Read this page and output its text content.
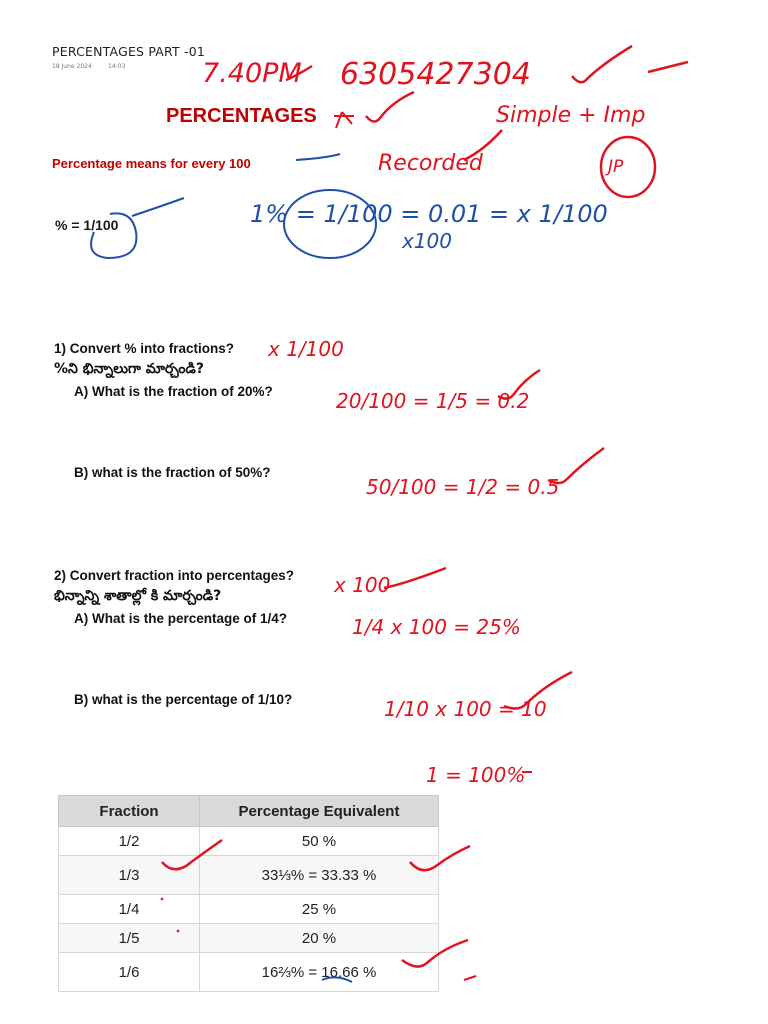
PERCENTAGES PART -01
18 June 2024	14:03
PERCENTAGES
Percentage means for every 100
% = 1/100
1) Convert % into fractions?
%ని భిన్నాలుగా మార్చండి?
A) What is the fraction of 20%?
B) what is the fraction of 50%?
2) Convert fraction into percentages?
భిన్నాన్ని శాతాల్లో కి మార్చండి?
A) What is the percentage of 1/4?
B) what is the percentage of 1/10?
Fraction	Percentage Equivalent
1/2	50 %
1/3	33⅓% = 33.33 %
1/4	25 %
1/5	20 %
1/6	16⅔% = 16.66 %
7.40PM 6305427304
Simple + Imp
Recorded	JP
1% = 1/100 = 0.01 = x 1/100
x100
x 1/100
20/100 = 1/5 = 0.2
50/100 = 1/2 = 0.5
x 100
1/4 x 100 = 25%
1/10 x 100 = 10
1 = 100%
